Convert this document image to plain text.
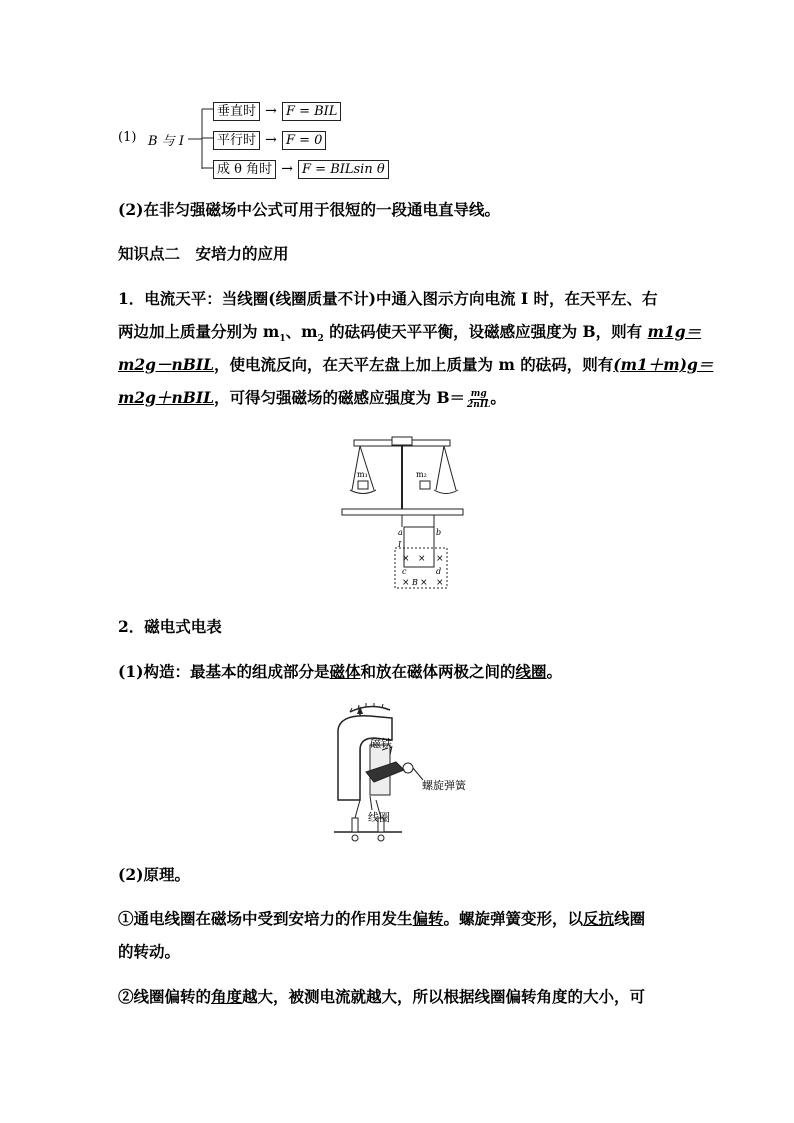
(1) B 与 I
垂直时 → F = BIL
平行时 → F = 0
成 θ 角时 → F = BILsin θ
(2)在非匀强磁场中公式可用于很短的一段通电直导线。
知识点二　安培力的应用
1．电流天平：当线圈(线圈质量不计)中通入图示方向电流 I 时，在天平左、右
两边加上质量分别为 $m_1$、$m_2$ 的砝码使天平平衡，设磁感应强度为 B，则有 m1g＝
m2g－nBIL，使电流反向，在天平左盘上加上质量为 m 的砝码，则有(m1＋m)g＝
m2g＋nBIL，可得匀强磁场的磁感应强度为 $B= \frac{mg}{\text{2nIL}}$ 。
m₁	m₂
a	b
I
× × ×
c	d
× B × ×
2．磁电式电表
(1)构造：最基本的组成部分是磁体和放在磁体两极之间的线圈。
磁铁
螺旋弹簧
线圈
(2)原理。
①通电线圈在磁场中受到安培力的作用发生偏转。螺旋弹簧变形，以反抗线圈
的转动。
②线圈偏转的角度越大，被测电流就越大，所以根据线圈偏转角度的大小，可
